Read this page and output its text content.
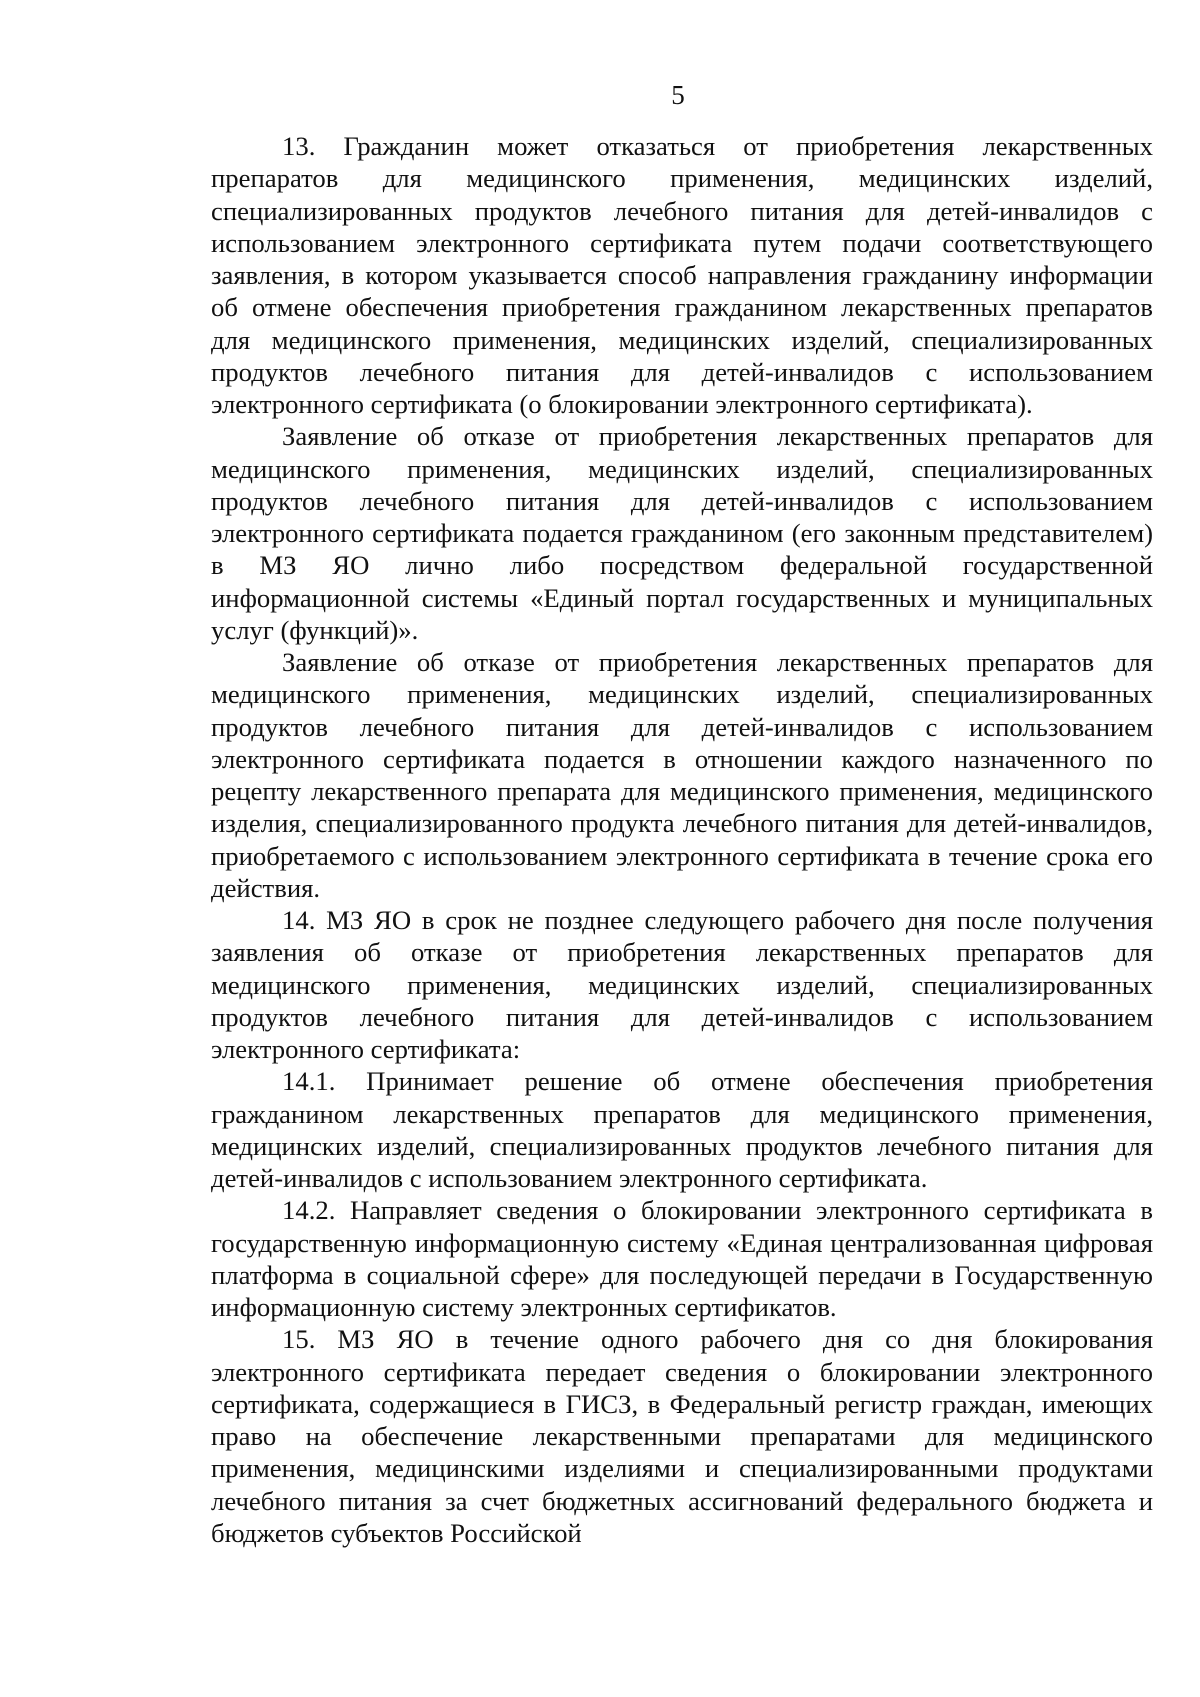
5

13. Гражданин может отказаться от приобретения лекарственных препаратов для медицинского применения, медицинских изделий, специализированных продуктов лечебного питания для детей-инвалидов с использованием электронного сертификата путем подачи соответствующего заявления, в котором указывается способ направления гражданину информации об отмене обеспечения приобретения гражданином лекарственных препаратов для медицинского применения, медицинских изделий, специализированных продуктов лечебного питания для детей-инвалидов с использованием электронного сертификата (о блокировании электронного сертификата).

Заявление об отказе от приобретения лекарственных препаратов для медицинского применения, медицинских изделий, специализированных продуктов лечебного питания для детей-инвалидов с использованием электронного сертификата подается гражданином (его законным представителем) в МЗ ЯО лично либо посредством федеральной государственной информационной системы «Единый портал государственных и муниципальных услуг (функций)».

Заявление об отказе от приобретения лекарственных препаратов для медицинского применения, медицинских изделий, специализированных продуктов лечебного питания для детей-инвалидов с использованием электронного сертификата подается в отношении каждого назначенного по рецепту лекарственного препарата для медицинского применения, медицинского изделия, специализированного продукта лечебного питания для детей-инвалидов, приобретаемого с использованием электронного сертификата в течение срока его действия.

14. МЗ ЯО в срок не позднее следующего рабочего дня после получения заявления об отказе от приобретения лекарственных препаратов для медицинского применения, медицинских изделий, специализированных продуктов лечебного питания для детей-инвалидов с использованием электронного сертификата:

14.1. Принимает решение об отмене обеспечения приобретения гражданином лекарственных препаратов для медицинского применения, медицинских изделий, специализированных продуктов лечебного питания для детей-инвалидов с использованием электронного сертификата.

14.2. Направляет сведения о блокировании электронного сертификата в государственную информационную систему «Единая централизованная цифровая платформа в социальной сфере» для последующей передачи в Государственную информационную систему электронных сертификатов.

15. МЗ ЯО в течение одного рабочего дня со дня блокирования электронного сертификата передает сведения о блокировании электронного сертификата, содержащиеся в ГИСЗ, в Федеральный регистр граждан, имеющих право на обеспечение лекарственными препаратами для медицинского применения, медицинскими изделиями и специализированными продуктами лечебного питания за счет бюджетных ассигнований федерального бюджета и бюджетов субъектов Российской
